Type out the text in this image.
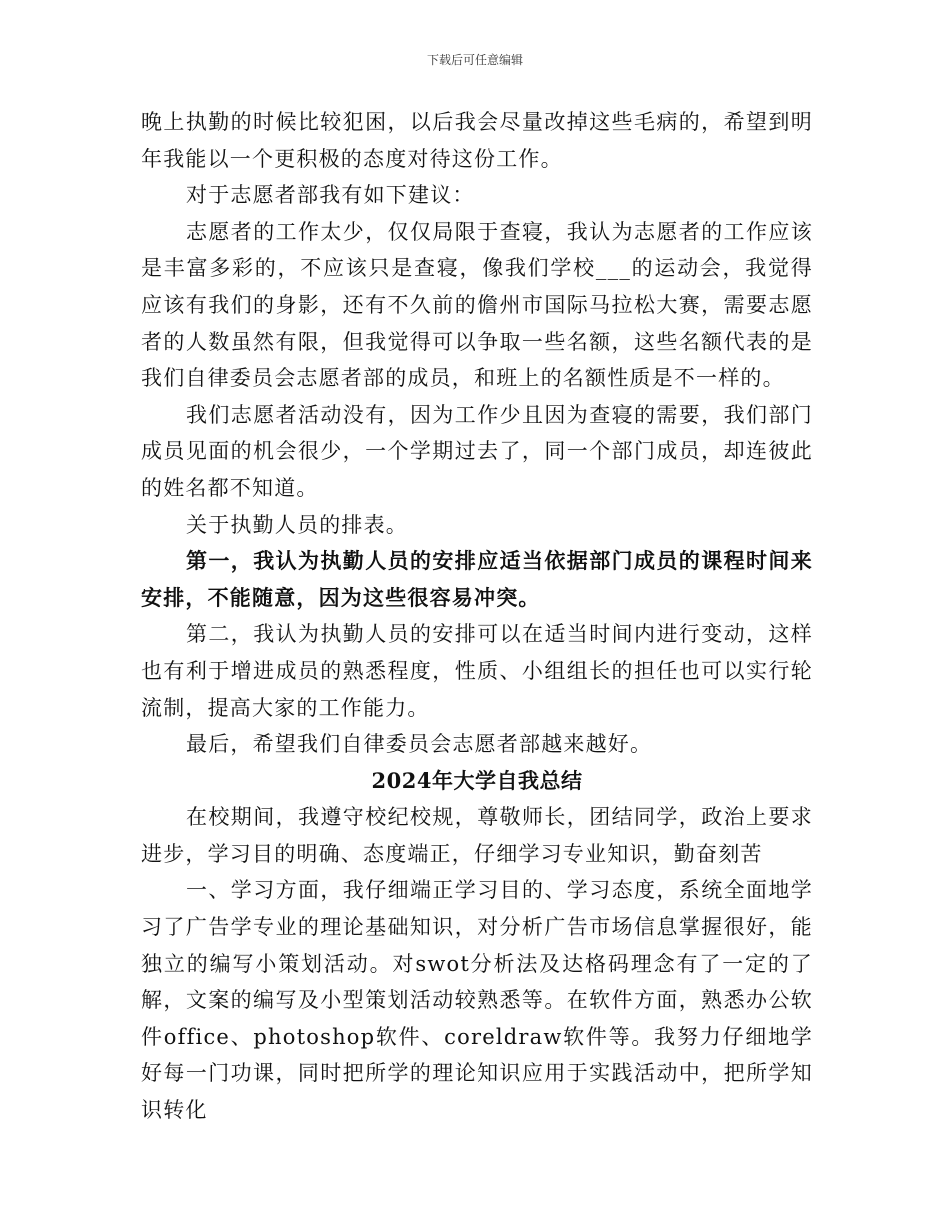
下载后可任意编辑

晚上执勤的时候比较犯困，以后我会尽量改掉这些毛病的，希望到明年我能以一个更积极的态度对待这份工作。

对于志愿者部我有如下建议：

志愿者的工作太少，仅仅局限于查寝，我认为志愿者的工作应该是丰富多彩的，不应该只是查寝，像我们学校___的运动会，我觉得应该有我们的身影，还有不久前的儋州市国际马拉松大赛，需要志愿者的人数虽然有限，但我觉得可以争取一些名额，这些名额代表的是我们自律委员会志愿者部的成员，和班上的名额性质是不一样的。

我们志愿者活动没有，因为工作少且因为查寝的需要，我们部门成员见面的机会很少，一个学期过去了，同一个部门成员，却连彼此的姓名都不知道。

关于执勤人员的排表。

第一，我认为执勤人员的安排应适当依据部门成员的课程时间来安排，不能随意，因为这些很容易冲突。

第二，我认为执勤人员的安排可以在适当时间内进行变动，这样也有利于增进成员的熟悉程度，性质、小组组长的担任也可以实行轮流制，提高大家的工作能力。

最后，希望我们自律委员会志愿者部越来越好。

2024年大学自我总结

在校期间，我遵守校纪校规，尊敬师长，团结同学，政治上要求进步，学习目的明确、态度端正，仔细学习专业知识，勤奋刻苦

一、学习方面，我仔细端正学习目的、学习态度，系统全面地学习了广告学专业的理论基础知识，对分析广告市场信息掌握很好，能独立的编写小策划活动。对swot分析法及达格码理念有了一定的了解，文案的编写及小型策划活动较熟悉等。在软件方面，熟悉办公软件office、photoshop软件、coreldraw软件等。我努力仔细地学好每一门功课，同时把所学的理论知识应用于实践活动中，把所学知识转化
